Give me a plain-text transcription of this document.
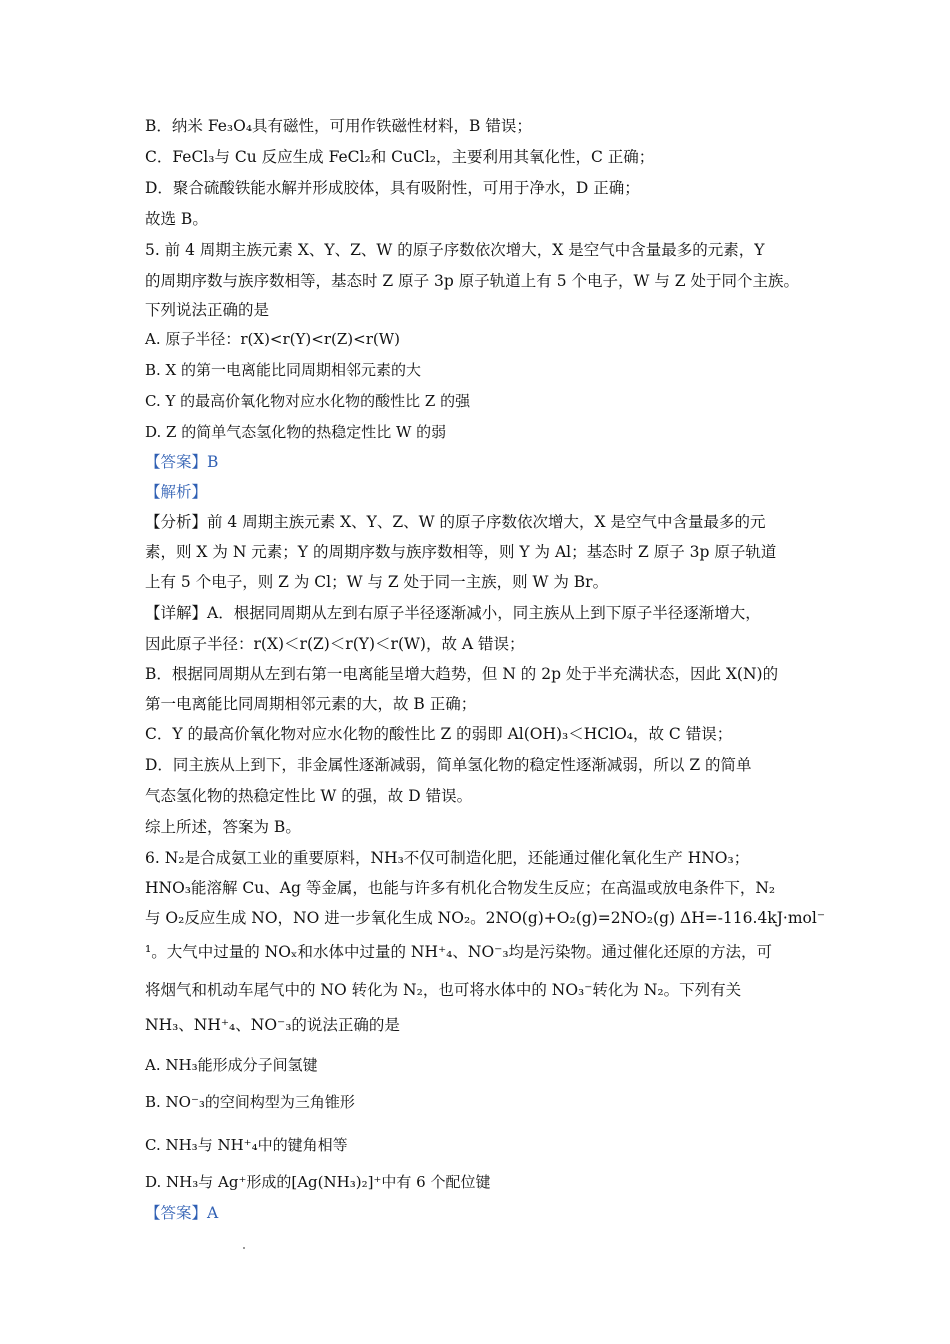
B．纳米 Fe₃O₄具有磁性，可用作铁磁性材料，B 错误；
C．FeCl₃与 Cu 反应生成 FeCl₂和 CuCl₂，主要利用其氧化性，C 正确；
D．聚合硫酸铁能水解并形成胶体，具有吸附性，可用于净水，D 正确；
故选 B。
5. 前 4 周期主族元素 X、Y、Z、W 的原子序数依次增大，X 是空气中含量最多的元素，Y
的周期序数与族序数相等，基态时 Z 原子 3p 原子轨道上有 5 个电子，W 与 Z 处于同个主族。
下列说法正确的是
A. 原子半径：r(X)<r(Y)<r(Z)<r(W)
B. X 的第一电离能比同周期相邻元素的大
C. Y 的最高价氧化物对应水化物的酸性比 Z 的强
D. Z 的简单气态氢化物的热稳定性比 W 的弱
【答案】B
【解析】
【分析】前 4 周期主族元素 X、Y、Z、W 的原子序数依次增大，X 是空气中含量最多的元
素，则 X 为 N 元素；Y 的周期序数与族序数相等，则 Y 为 Al；基态时 Z 原子 3p 原子轨道
上有 5 个电子，则 Z 为 Cl；W 与 Z 处于同一主族，则 W 为 Br。
【详解】A．根据同周期从左到右原子半径逐渐减小，同主族从上到下原子半径逐渐增大，
因此原子半径：r(X)＜r(Z)＜r(Y)＜r(W)，故 A 错误；
B．根据同周期从左到右第一电离能呈增大趋势，但 N 的 2p 处于半充满状态，因此 X(N)的
第一电离能比同周期相邻元素的大，故 B 正确；
C．Y 的最高价氧化物对应水化物的酸性比 Z 的弱即 Al(OH)₃＜HClO₄，故 C 错误；
D．同主族从上到下，非金属性逐渐减弱，简单氢化物的稳定性逐渐减弱，所以 Z 的简单
气态氢化物的热稳定性比 W 的强，故 D 错误。
综上所述，答案为 B。
6. N₂是合成氨工业的重要原料，NH₃不仅可制造化肥，还能通过催化氧化生产 HNO₃；
HNO₃能溶解 Cu、Ag 等金属，也能与许多有机化合物发生反应；在高温或放电条件下，N₂
与 O₂反应生成 NO，NO 进一步氧化生成 NO₂。2NO(g)+O₂(g)=2NO₂(g) ΔH=-116.4kJ·mol⁻
¹。大气中过量的 NOₓ和水体中过量的 NH⁺₄、NO⁻₃均是污染物。通过催化还原的方法，可
将烟气和机动车尾气中的 NO 转化为 N₂，也可将水体中的 NO₃⁻转化为 N₂。下列有关
NH₃、NH⁺₄、NO⁻₃的说法正确的是
A. NH₃能形成分子间氢键
B. NO⁻₃的空间构型为三角锥形
C. NH₃与 NH⁺₄中的键角相等
D. NH₃与 Ag⁺形成的[Ag(NH₃)₂]⁺中有 6 个配位键
【答案】A
